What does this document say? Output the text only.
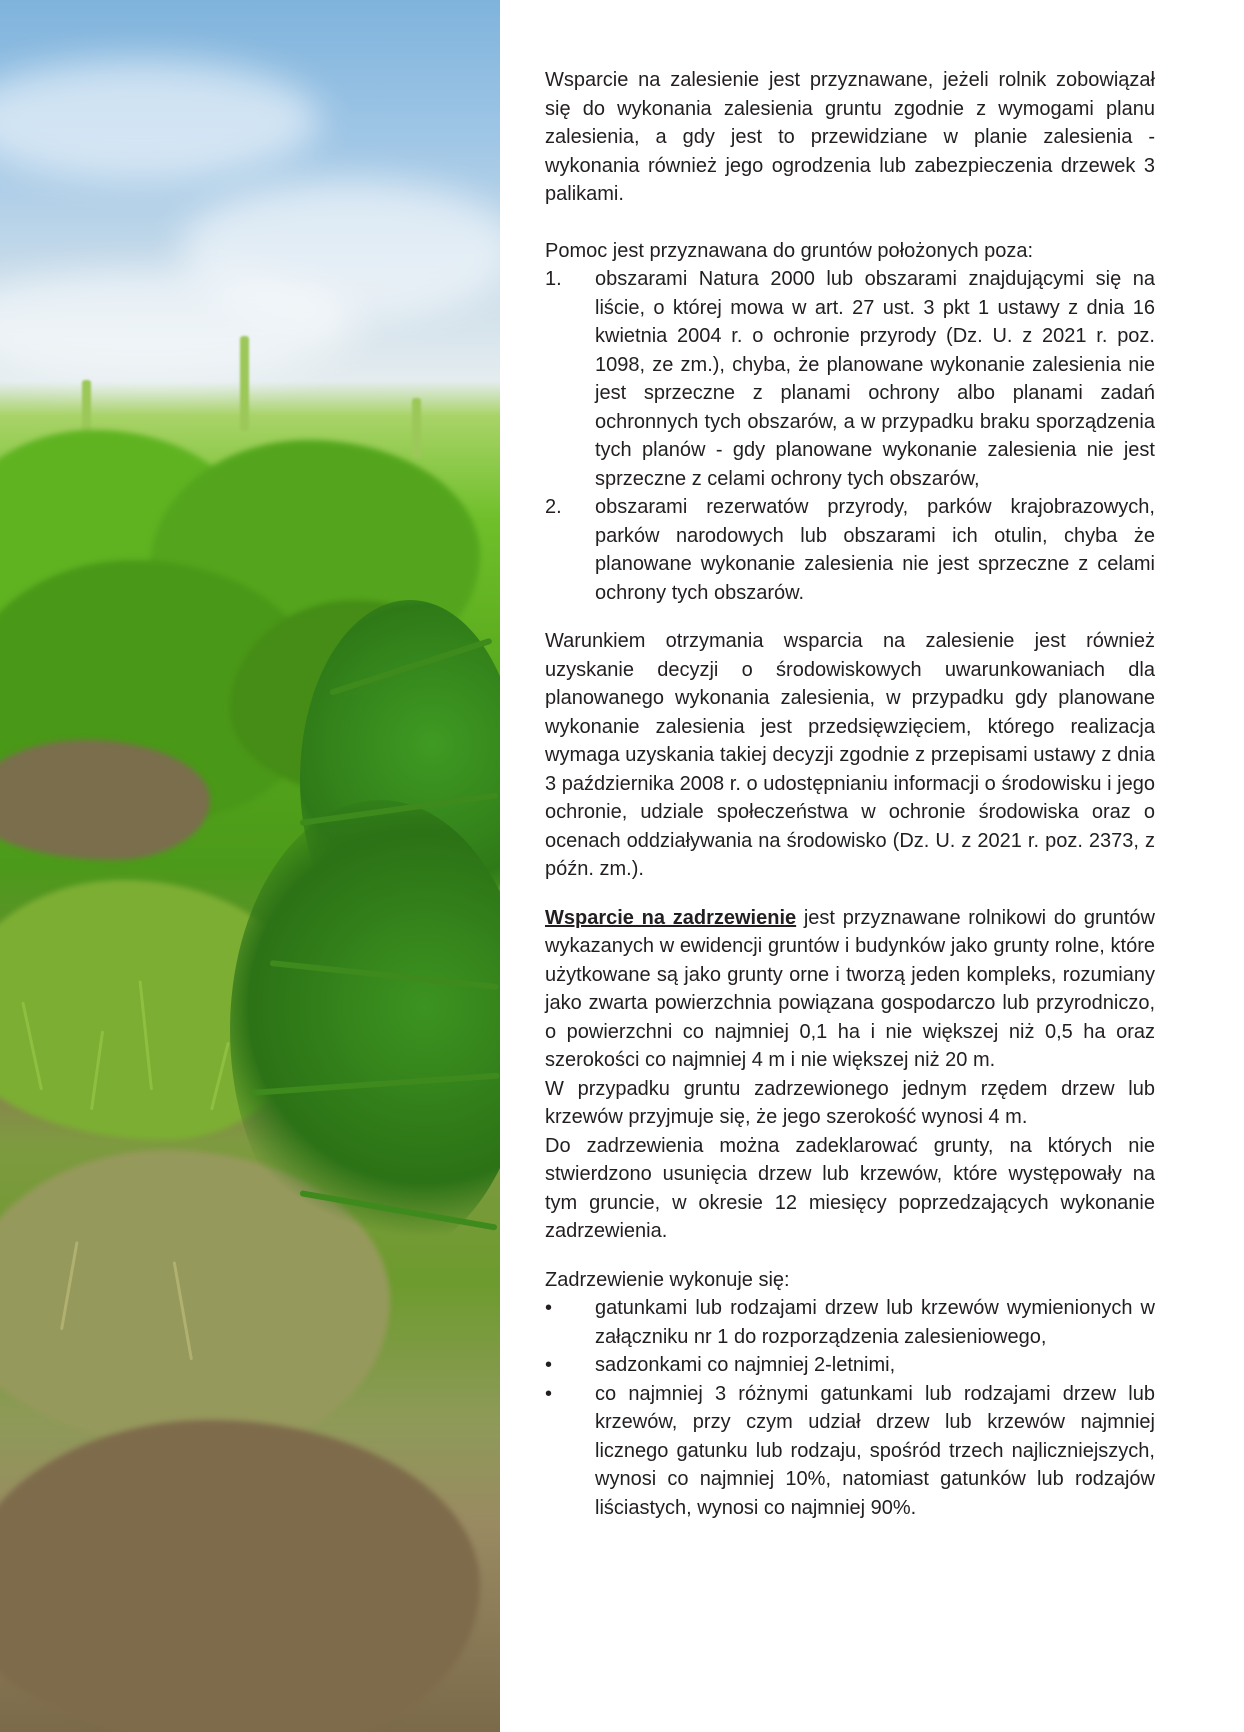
Wsparcie na zalesienie jest przyznawane, jeżeli rolnik zobowiązał się do wykonania zalesienia gruntu zgodnie z wymogami planu zalesienia, a gdy jest to przewidziane w planie zalesienia - wykonania również jego ogrodzenia lub zabezpieczenia drzewek 3 palikami.

Pomoc jest przyznawana do gruntów położonych poza:

1. obszarami Natura 2000 lub obszarami znajdującymi się na liście, o której mowa w art. 27 ust. 3 pkt 1 ustawy z dnia 16 kwietnia 2004 r. o ochronie przyrody (Dz. U. z 2021 r. poz. 1098, ze zm.), chyba, że planowane wykonanie zalesienia nie jest sprzeczne z planami ochrony albo planami zadań ochronnych tych obszarów, a w przypadku braku sporządzenia tych planów - gdy planowane wykonanie zalesienia nie jest sprzeczne z celami ochrony tych obszarów,
2. obszarami rezerwatów przyrody, parków krajobrazowych, parków narodowych lub obszarami ich otulin, chyba że planowane wykonanie zalesienia nie jest sprzeczne z celami ochrony tych obszarów.

Warunkiem otrzymania wsparcia na zalesienie jest również uzyskanie decyzji o środowiskowych uwarunkowaniach dla planowanego wykonania zalesienia, w przypadku gdy planowane wykonanie zalesienia jest przedsięwzięciem, którego realizacja wymaga uzyskania takiej decyzji zgodnie z przepisami ustawy z dnia 3 października 2008 r. o udostępnianiu informacji o środowisku i jego ochronie, udziale społeczeństwa w ochronie środowiska oraz o ocenach oddziaływania na środowisko (Dz. U. z 2021 r. poz. 2373, z późn. zm.).

Wsparcie na zadrzewienie jest przyznawane rolnikowi do gruntów wykazanych w ewidencji gruntów i budynków jako grunty rolne, które użytkowane są jako grunty orne i tworzą jeden kompleks, rozumiany jako zwarta powierzchnia powiązana gospodarczo lub przyrodniczo, o powierzchni co najmniej 0,1 ha i nie większej niż 0,5 ha oraz szerokości co najmniej 4 m i nie większej niż 20 m.

W przypadku gruntu zadrzewionego jednym rzędem drzew lub krzewów przyjmuje się, że jego szerokość wynosi 4 m.

Do zadrzewienia można zadeklarować grunty, na których nie stwierdzono usunięcia drzew lub krzewów, które występowały na tym gruncie, w okresie 12 miesięcy poprzedzających wykonanie zadrzewienia.

Zadrzewienie wykonuje się:

• gatunkami lub rodzajami drzew lub krzewów wymienionych w załączniku nr 1 do rozporządzenia zalesieniowego,
• sadzonkami co najmniej 2-letnimi,
• co najmniej 3 różnymi gatunkami lub rodzajami drzew lub krzewów, przy czym udział drzew lub krzewów najmniej licznego gatunku lub rodzaju, spośród trzech najliczniejszych, wynosi co najmniej 10%, natomiast gatunków lub rodzajów liściastych, wynosi co najmniej 90%.
